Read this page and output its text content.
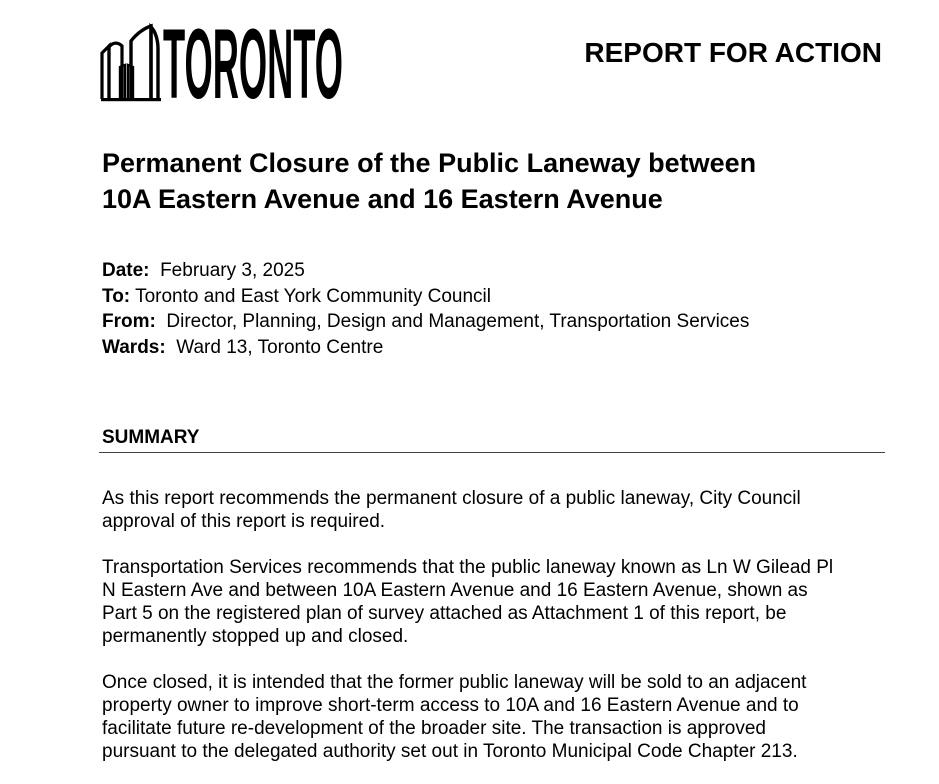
TORONTO	REPORT FOR ACTION
Permanent Closure of the Public Laneway between
10A Eastern Avenue and 16 Eastern Avenue
Date: February 3, 2025
To: Toronto and East York Community Council
From: Director, Planning, Design and Management, Transportation Services
Wards: Ward 13, Toronto Centre
SUMMARY

As this report recommends the permanent closure of a public laneway, City Council
approval of this report is required.

Transportation Services recommends that the public laneway known as Ln W Gilead Pl
N Eastern Ave and between 10A Eastern Avenue and 16 Eastern Avenue, shown as
Part 5 on the registered plan of survey attached as Attachment 1 of this report, be
permanently stopped up and closed.

Once closed, it is intended that the former public laneway will be sold to an adjacent
property owner to improve short-term access to 10A and 16 Eastern Avenue and to
facilitate future re-development of the broader site. The transaction is approved
pursuant to the delegated authority set out in Toronto Municipal Code Chapter 213.
